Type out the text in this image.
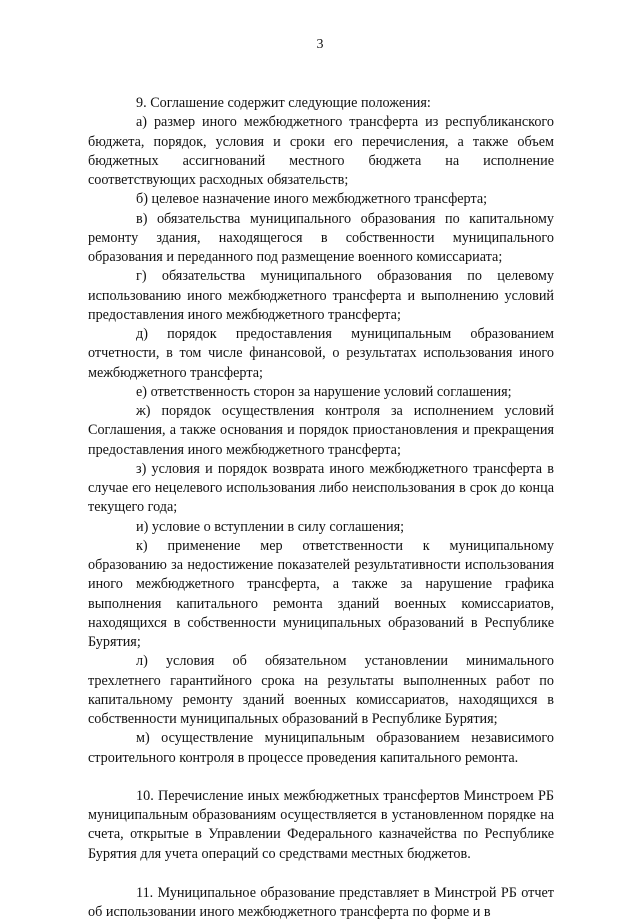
3

9. Соглашение содержит следующие положения:

а) размер иного межбюджетного трансферта из республиканского бюджета, порядок, условия и сроки его перечисления, а также объем бюджетных ассигнований местного бюджета на исполнение соответствующих расходных обязательств;

б) целевое назначение иного межбюджетного трансферта;

в) обязательства муниципального образования по капитальному ремонту здания, находящегося в собственности муниципального образования и переданного под размещение военного комиссариата;

г) обязательства муниципального образования по целевому использованию иного межбюджетного трансферта и выполнению условий предоставления иного межбюджетного трансферта;

д) порядок предоставления муниципальным образованием отчетности, в том числе финансовой, о результатах использования иного межбюджетного трансферта;

е) ответственность сторон за нарушение условий соглашения;

ж) порядок осуществления контроля за исполнением условий Соглашения, а также основания и порядок приостановления и прекращения предоставления иного межбюджетного трансферта;

з) условия и порядок возврата иного межбюджетного трансферта в случае его нецелевого использования либо неиспользования в срок до конца текущего года;

и) условие о вступлении в силу соглашения;

к) применение мер ответственности к муниципальному образованию за недостижение показателей результативности использования иного межбюджетного трансферта, а также за нарушение графика выполнения капитального ремонта зданий военных комиссариатов, находящихся в собственности муниципальных образований в Республике Бурятия;

л) условия об обязательном установлении минимального трехлетнего гарантийного срока на результаты выполненных работ по капитальному ремонту зданий военных комиссариатов, находящихся в собственности муниципальных образований в Республике Бурятия;

м) осуществление муниципальным образованием независимого строительного контроля в процессе проведения капитального ремонта.

10. Перечисление иных межбюджетных трансфертов Минстроем РБ муниципальным образованиям осуществляется в установленном порядке на счета, открытые в Управлении Федерального казначейства по Республике Бурятия для учета операций со средствами местных бюджетов.

11. Муниципальное образование представляет в Минстрой РБ отчет об использовании иного межбюджетного трансферта по форме и в
